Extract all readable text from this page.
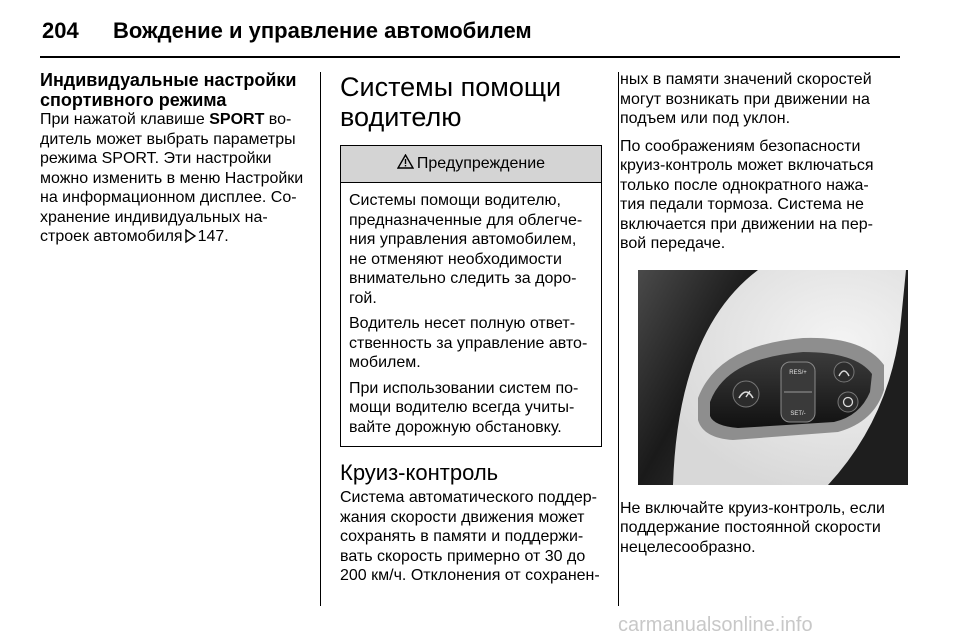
204 Вождение и управление автомобилем
Индивидуальные настройки
спортивного режима

При нажатой клавише SPORT во-
дитель может выбрать параметры
режима SPORT. Эти настройки
можно изменить в меню Настройки
на информационном дисплее. Со-
хранение индивидуальных на-
строек автомобиля 147.

Системы помощи
водителю
Предупреждение

Системы помощи водителю,
предназначенные для облегче-
ния управления автомобилем,
не отменяют необходимости
внимательно следить за доро-
гой.

Водитель несет полную ответ-
ственность за управление авто-
мобилем.

При использовании систем по-
мощи водителю всегда учиты-
вайте дорожную обстановку.

Круиз-контроль

Система автоматического поддер-
жания скорости движения может
сохранять в памяти и поддержи-
вать скорость примерно от 30 до
200 км/ч. Отклонения от сохранен-

ных в памяти значений скоростей
могут возникать при движении на
подъем или под уклон.

По соображениям безопасности
круиз-контроль может включаться
только после однократного нажа-
тия педали тормоза. Система не
включается при движении на пер-
вой передаче.

RES/+
SET/-

Не включайте круиз-контроль, если
поддержание постоянной скорости
нецелесообразно.

carmanualsonline.info
